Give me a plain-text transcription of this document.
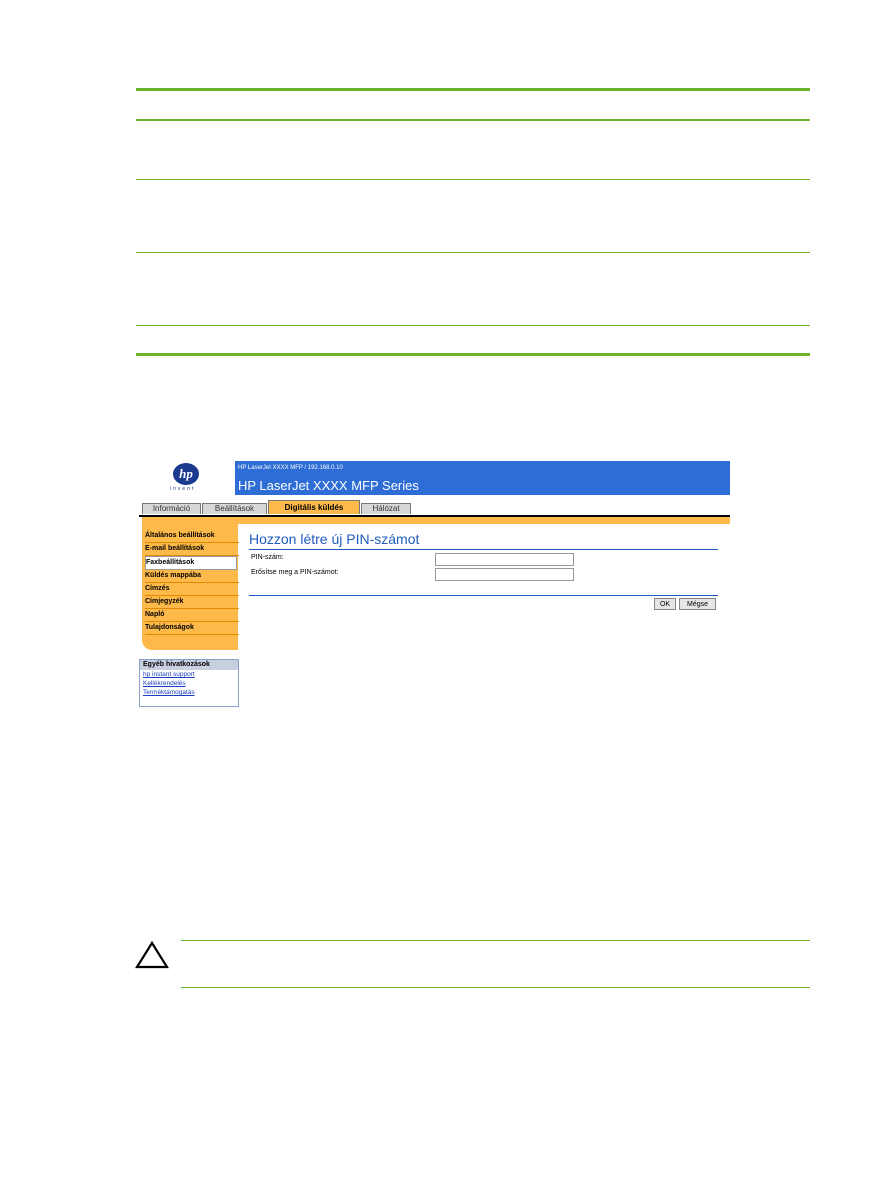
hp
invent
HP LaserJet XXXX MFP / 192.168.0.10
HP LaserJet XXXX MFP Series
Információ	Beállítások	Digitális küldés	Hálózat
Általános beállítások
E-mail beállítások
Faxbeállítások
Küldés mappába
Címzés
Címjegyzék
Napló
Tulajdonságok
Egyéb hivatkozások
hp instant support
Kellékrendelés
Terméktámogatás
Hozzon létre új PIN-számot
PIN-szám:
Erősítse meg a PIN-számot:
OK	Mégse
